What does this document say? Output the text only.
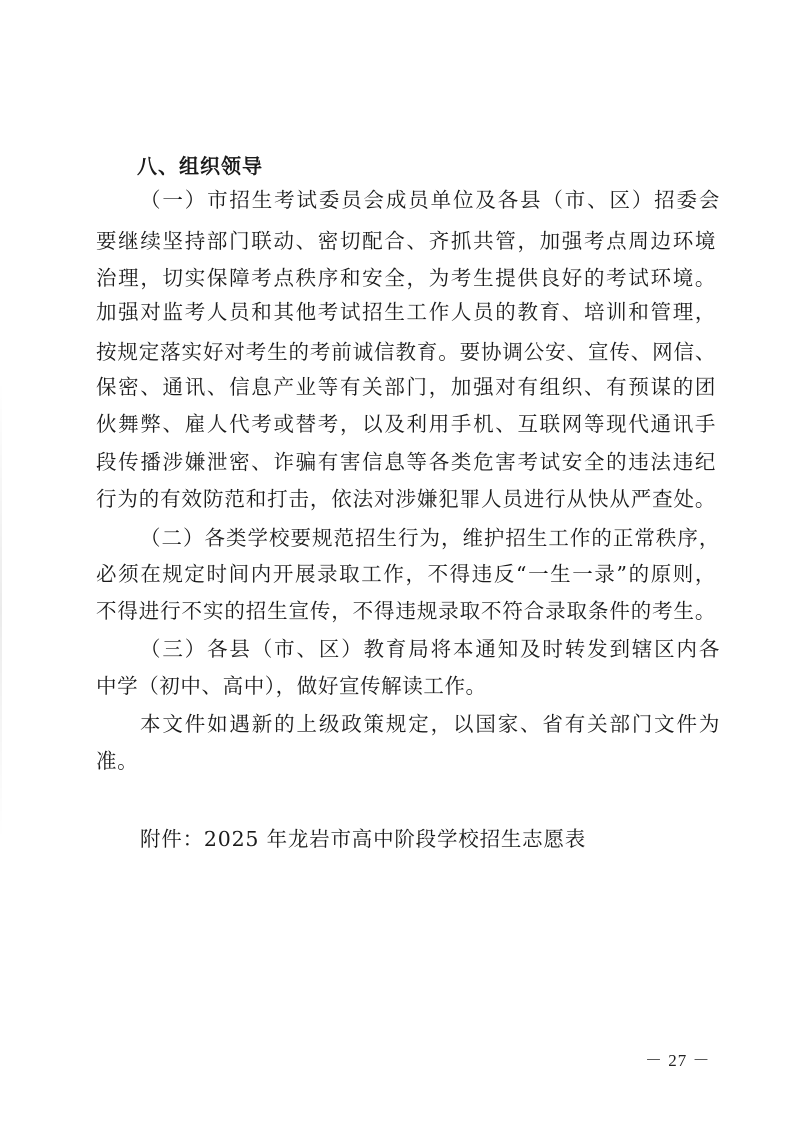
八、组织领导
（一）市招生考试委员会成员单位及各县（市、区）招委会
要继续坚持部门联动、密切配合、齐抓共管，加强考点周边环境
治理，切实保障考点秩序和安全，为考生提供良好的考试环境。
加强对监考人员和其他考试招生工作人员的教育、培训和管理，
按规定落实好对考生的考前诚信教育。要协调公安、宣传、网信、
保密、通讯、信息产业等有关部门，加强对有组织、有预谋的团
伙舞弊、雇人代考或替考，以及利用手机、互联网等现代通讯手
段传播涉嫌泄密、诈骗有害信息等各类危害考试安全的违法违纪
行为的有效防范和打击，依法对涉嫌犯罪人员进行从快从严查处。
（二）各类学校要规范招生行为，维护招生工作的正常秩序，
必须在规定时间内开展录取工作，不得违反“一生一录”的原则，
不得进行不实的招生宣传，不得违规录取不符合录取条件的考生。
（三）各县（市、区）教育局将本通知及时转发到辖区内各
中学（初中、高中），做好宣传解读工作。
本文件如遇新的上级政策规定，以国家、省有关部门文件为
准。
附件：2025 年龙岩市高中阶段学校招生志愿表
－ 27 －
